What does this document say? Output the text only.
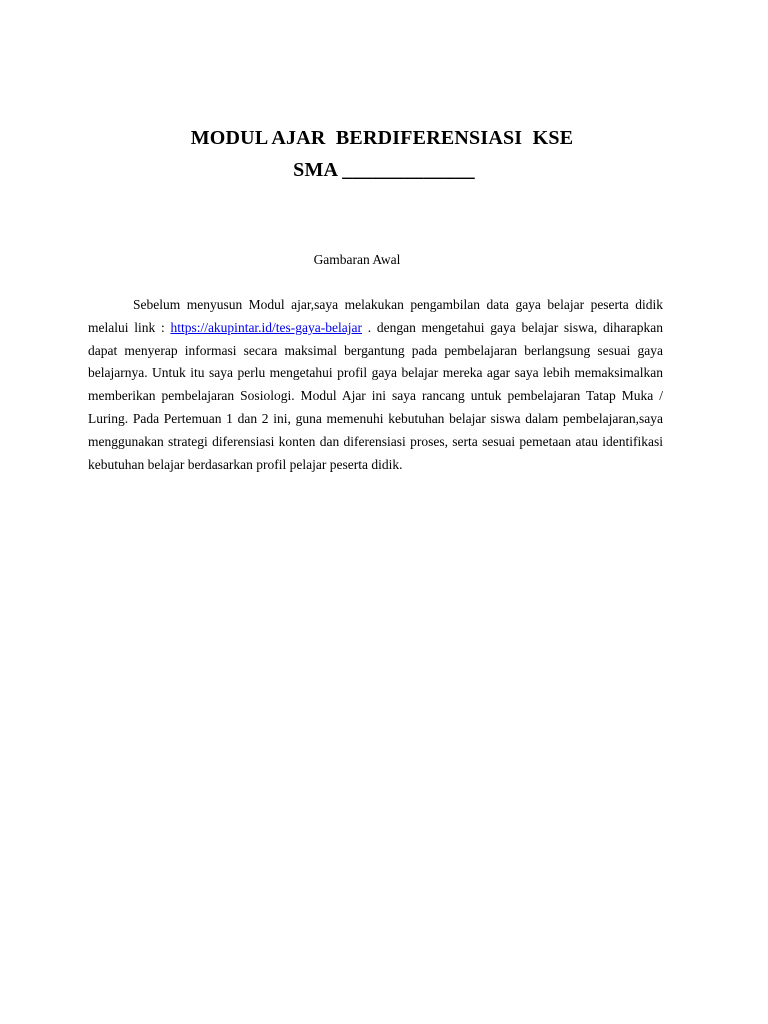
MODUL AJAR  BERDIFERENSIASI  KSE
SMA _____________
Gambaran Awal

Sebelum menyusun Modul ajar,saya melakukan pengambilan data gaya belajar peserta didik melalui link : https://akupintar.id/tes-gaya-belajar . dengan mengetahui gaya belajar siswa, diharapkan dapat menyerap informasi secara maksimal bergantung pada pembelajaran berlangsung sesuai gaya belajarnya. Untuk itu saya perlu mengetahui profil gaya belajar mereka agar saya lebih memaksimalkan memberikan pembelajaran Sosiologi. Modul Ajar ini saya rancang untuk pembelajaran Tatap Muka / Luring. Pada Pertemuan 1 dan 2 ini, guna memenuhi kebutuhan belajar siswa dalam pembelajaran,saya menggunakan strategi diferensiasi konten dan diferensiasi proses, serta sesuai pemetaan atau identifikasi kebutuhan belajar berdasarkan profil pelajar peserta didik.
